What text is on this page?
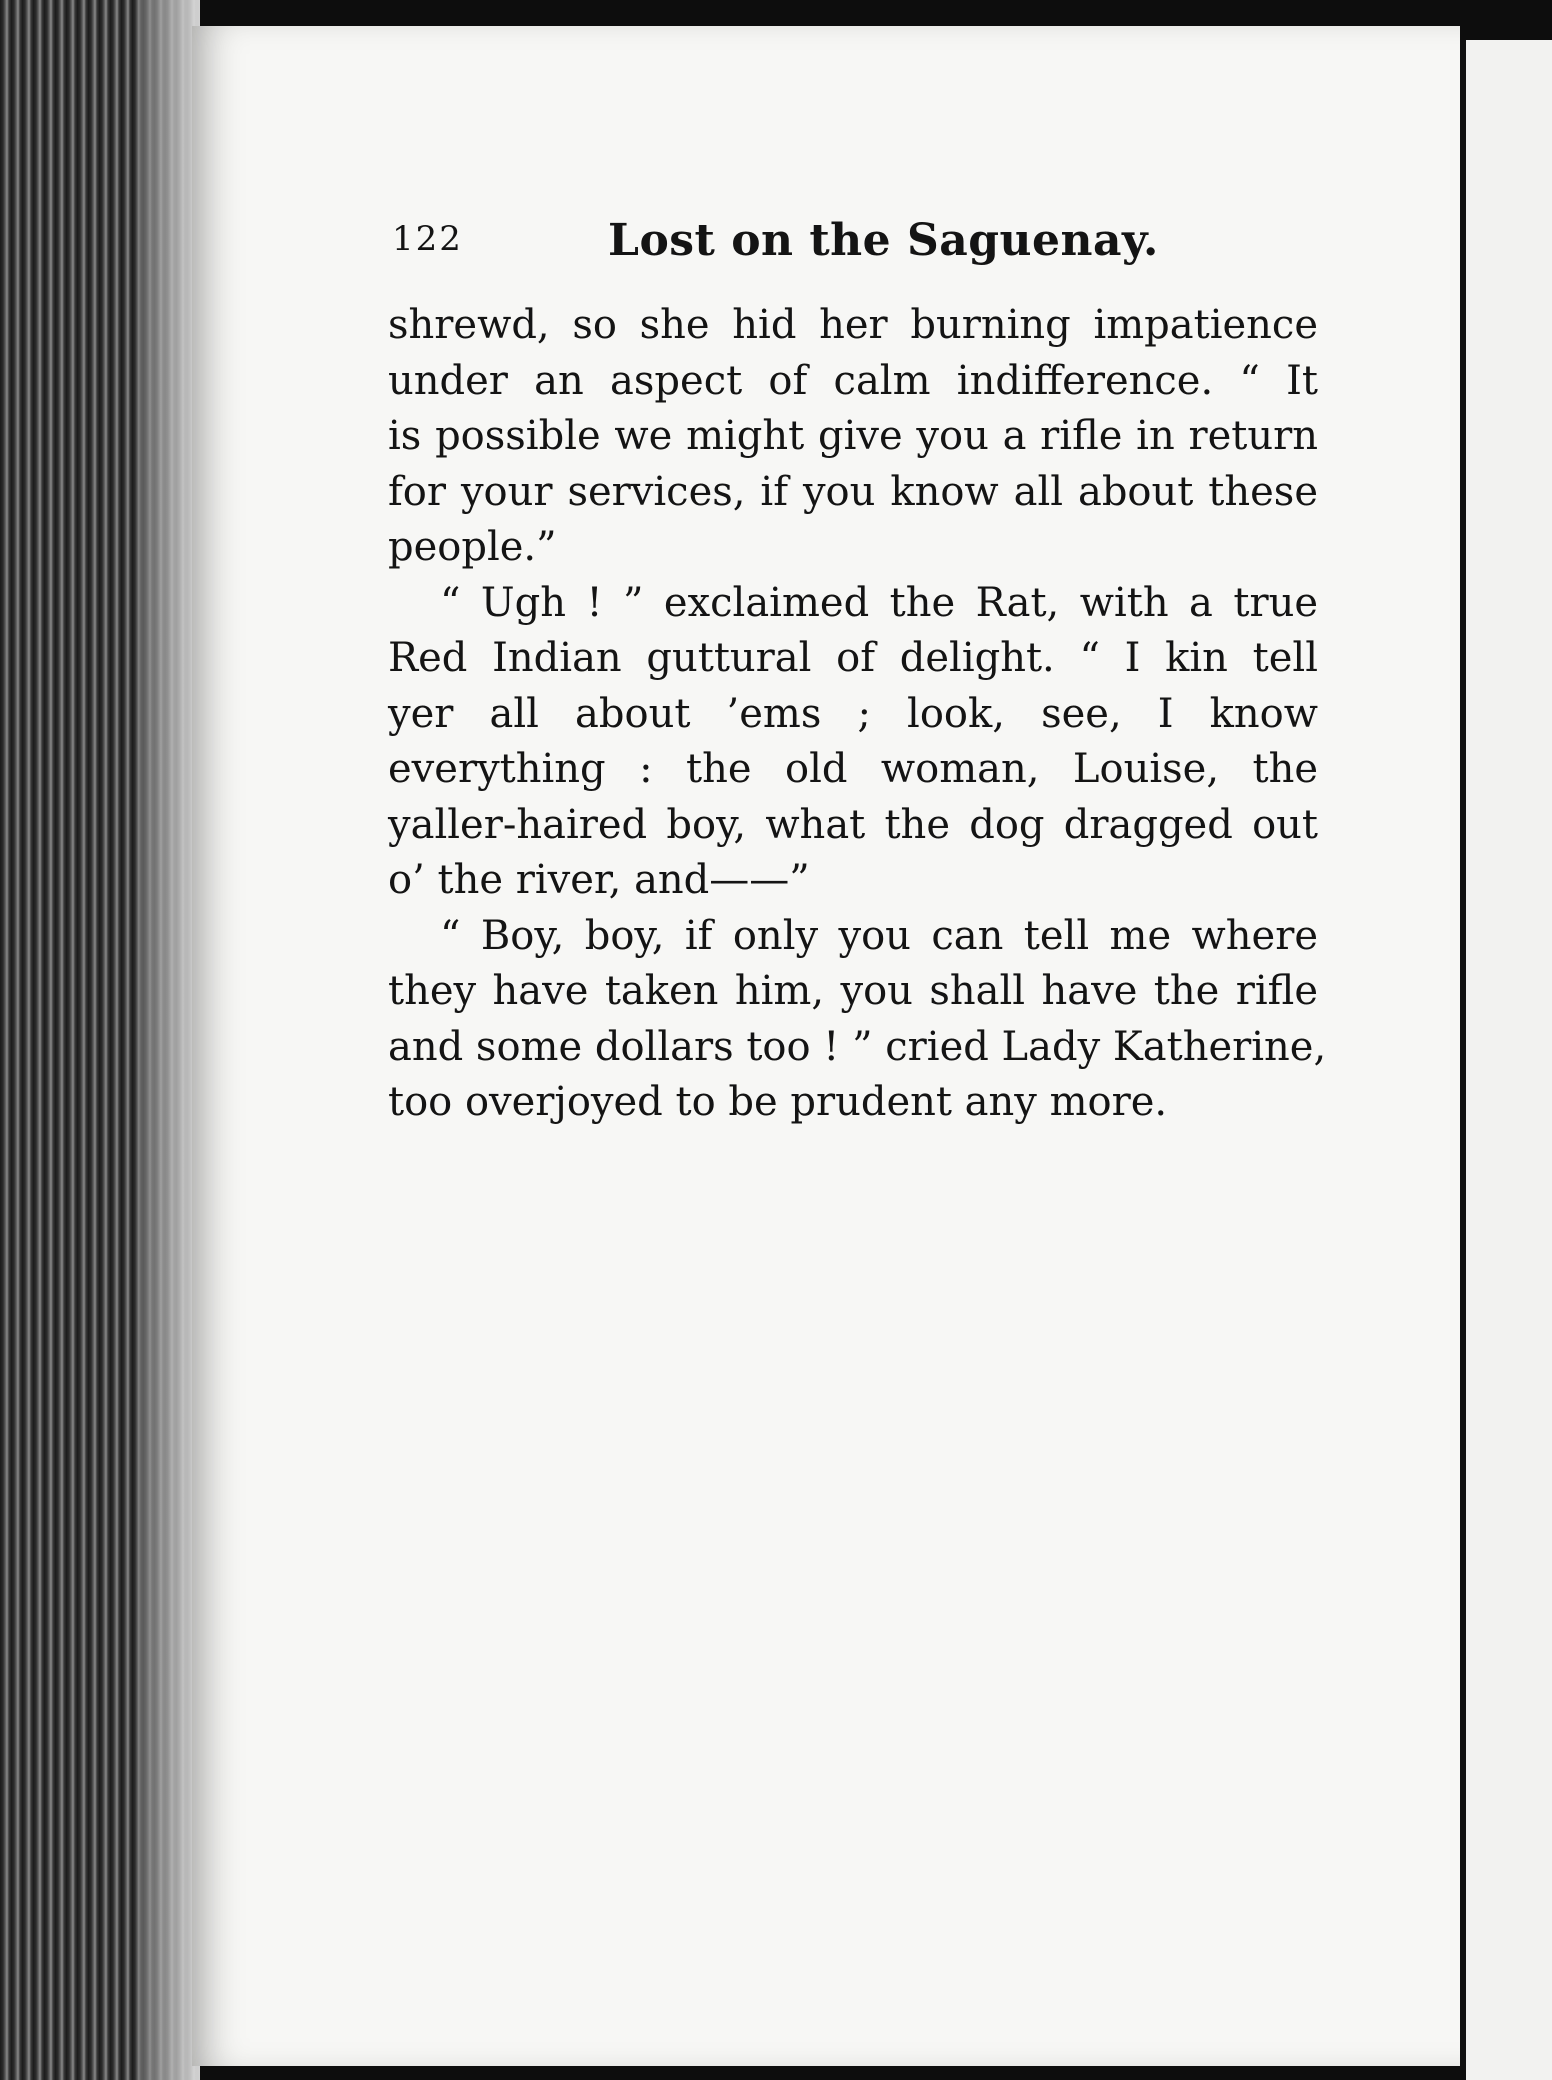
122	Lost on the Saguenay.

shrewd, so she hid her burning impatience
under an aspect of calm indifference. “ It
is possible we might give you a rifle in return
for your services, if you know all about these
people.”

“ Ugh ! ” exclaimed the Rat, with a true
Red Indian guttural of delight. “ I kin tell
yer all about ’ems ; look, see, I know
everything : the old woman, Louise, the
yaller-haired boy, what the dog dragged out
o’ the river, and——”

“ Boy, boy, if only you can tell me where
they have taken him, you shall have the rifle
and some dollars too ! ” cried Lady Katherine,
too overjoyed to be prudent any more.
